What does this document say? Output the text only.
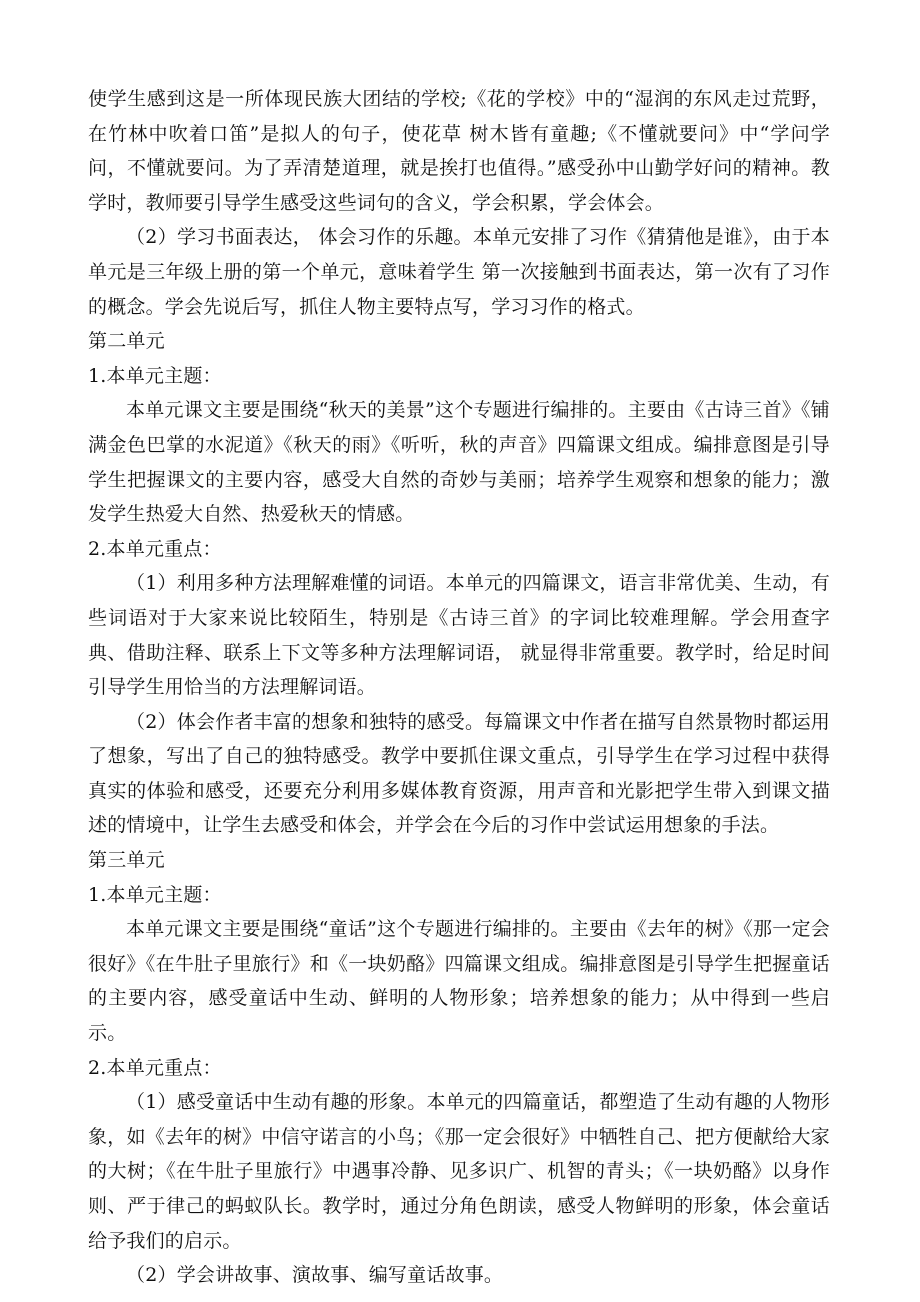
使学生感到这是一所体现民族大团结的学校;《花的学校》中的“湿润的东风走过荒野，在竹林中吹着口笛”是拟人的句子，使花草 树木皆有童趣;《不懂就要问》中“学问学问，不懂就要问。为了弄清楚道理，就是挨打也值得。”感受孙中山勤学好问的精神。教学时，教师要引导学生感受这些词句的含义，学会积累，学会体会。

（2）学习书面表达， 体会习作的乐趣。本单元安排了习作《猜猜他是谁》，由于本单元是三年级上册的第一个单元，意味着学生 第一次接触到书面表达，第一次有了习作的概念。学会先说后写，抓住人物主要特点写，学习习作的格式。

第二单元

1.本单元主题：

本单元课文主要是围绕“秋天的美景”这个专题进行编排的。主要由《古诗三首》《铺满金色巴掌的水泥道》《秋天的雨》《听听，秋的声音》四篇课文组成。编排意图是引导学生把握课文的主要内容，感受大自然的奇妙与美丽；培养学生观察和想象的能力；激发学生热爱大自然、热爱秋天的情感。

2.本单元重点：

（1）利用多种方法理解难懂的词语。本单元的四篇课文，语言非常优美、生动，有些词语对于大家来说比较陌生，特别是《古诗三首》的字词比较难理解。学会用查字典、借助注释、联系上下文等多种方法理解词语， 就显得非常重要。教学时，给足时间引导学生用恰当的方法理解词语。

（2）体会作者丰富的想象和独特的感受。每篇课文中作者在描写自然景物时都运用了想象，写出了自己的独特感受。教学中要抓住课文重点，引导学生在学习过程中获得真实的体验和感受，还要充分利用多媒体教育资源，用声音和光影把学生带入到课文描述的情境中，让学生去感受和体会，并学会在今后的习作中尝试运用想象的手法。

第三单元

1.本单元主题：

本单元课文主要是围绕“童话”这个专题进行编排的。主要由《去年的树》《那一定会很好》《在牛肚子里旅行》和《一块奶酪》四篇课文组成。编排意图是引导学生把握童话的主要内容，感受童话中生动、鲜明的人物形象；培养想象的能力；从中得到一些启示。

2.本单元重点：

（1）感受童话中生动有趣的形象。本单元的四篇童话，都塑造了生动有趣的人物形象，如《去年的树》中信守诺言的小鸟；《那一定会很好》中牺牲自己、把方便献给大家的大树；《在牛肚子里旅行》中遇事冷静、见多识广、机智的青头；《一块奶酪》以身作则、严于律己的蚂蚁队长。教学时，通过分角色朗读，感受人物鲜明的形象，体会童话给予我们的启示。

（2）学会讲故事、演故事、编写童话故事。
